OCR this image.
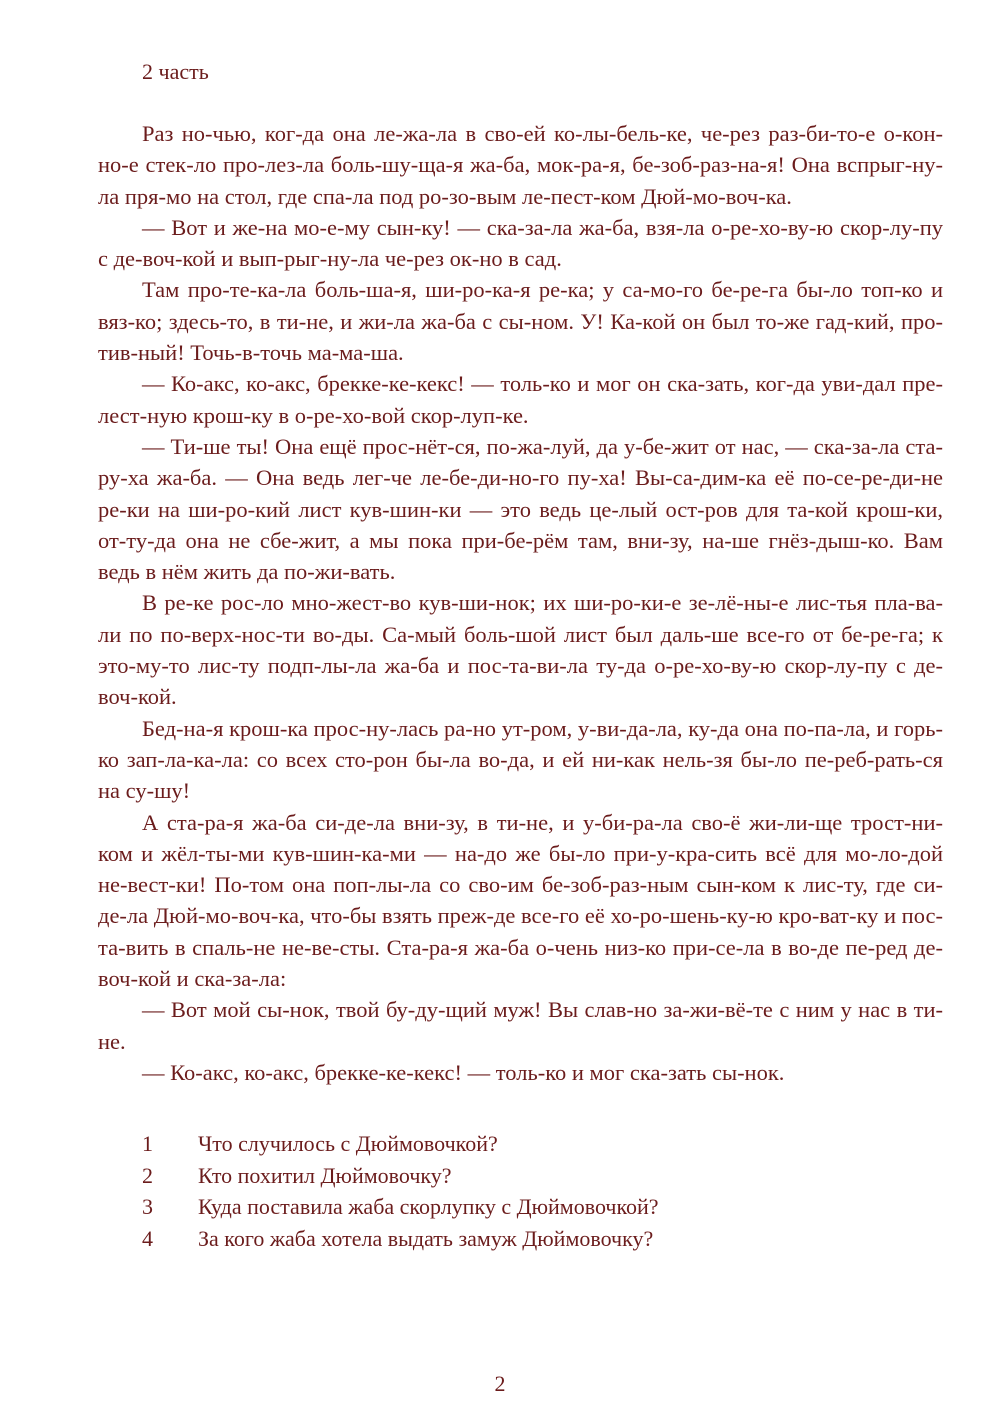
2 часть

Раз но-чью, ког-да она ле-жа-ла в сво-ей ко-лы-бель-ке, че-рез раз-би-то-е о-кон-но-е стек-ло про-лез-ла боль-шу-ща-я жа-ба, мок-ра-я, бе-зоб-раз-на-я! Она вспрыг-ну-ла пря-мо на стол, где спа-ла под ро-зо-вым ле-пест-ком Дюй-мо-воч-ка.

— Вот и же-на мо-е-му сын-ку! — ска-за-ла жа-ба, взя-ла о-ре-хо-ву-ю скор-лу-пу с де-воч-кой и вып-рыг-ну-ла че-рез ок-но в сад.

Там про-те-ка-ла боль-ша-я, ши-ро-ка-я ре-ка; у са-мо-го бе-ре-га бы-ло топ-ко и вяз-ко; здесь-то, в ти-не, и жи-ла жа-ба с сы-ном. У! Ка-кой он был то-же гад-кий, про-тив-ный! Точь-в-точь ма-ма-ша.

— Ко-акс, ко-акс, брекке-ке-кекс! — толь-ко и мог он ска-зать, ког-да уви-дал пре-лест-ную крош-ку в о-ре-хо-вой скор-луп-ке.

— Ти-ше ты! Она ещё прос-нёт-ся, по-жа-луй, да у-бе-жит от нас, — ска-за-ла ста-ру-ха жа-ба. — Она ведь лег-че ле-бе-ди-но-го пу-ха! Вы-са-дим-ка её по-се-ре-ди-не ре-ки на ши-ро-кий лист кув-шин-ки — это ведь це-лый ост-ров для та-кой крош-ки, от-ту-да она не сбе-жит, а мы пока при-бе-рём там, вни-зу, на-ше гнёз-дыш-ко. Вам ведь в нём жить да по-жи-вать.

В ре-ке рос-ло мно-жест-во кув-ши-нок; их ши-ро-ки-е зе-лё-ны-е лис-тья пла-ва-ли по по-верх-нос-ти во-ды. Са-мый боль-шой лист был даль-ше все-го от бе-ре-га; к это-му-то лис-ту подп-лы-ла жа-ба и пос-та-ви-ла ту-да о-ре-хо-ву-ю скор-лу-пу с де-воч-кой.

Бед-на-я крош-ка прос-ну-лась ра-но ут-ром, у-ви-да-ла, ку-да она по-па-ла, и горь-ко зап-ла-ка-ла: со всех сто-рон бы-ла во-да, и ей ни-как нель-зя бы-ло пе-реб-рать-ся на су-шу!

А ста-ра-я жа-ба си-де-ла вни-зу, в ти-не, и у-би-ра-ла сво-ё жи-ли-ще трост-ни-ком и жёл-ты-ми кув-шин-ка-ми — на-до же бы-ло при-у-кра-сить всё для мо-ло-дой не-вест-ки! По-том она поп-лы-ла со сво-им бе-зоб-раз-ным сын-ком к лис-ту, где си-де-ла Дюй-мо-воч-ка, что-бы взять преж-де все-го её хо-ро-шень-ку-ю кро-ват-ку и пос-та-вить в спаль-не не-ве-сты. Ста-ра-я жа-ба о-чень низ-ко при-се-ла в во-де пе-ред де-воч-кой и ска-за-ла:

— Вот мой сы-нок, твой бу-ду-щий муж! Вы слав-но за-жи-вё-те с ним у нас в ти-не.

— Ко-акс, ко-акс, брекке-ке-кекс! — толь-ко и мог ска-зать сы-нок.

1	Что случилось с Дюймовочкой?
2	Кто похитил Дюймовочку?
3	Куда поставила жаба скорлупку с Дюймовочкой?
4	За кого жаба хотела выдать замуж Дюймовочку?
2
